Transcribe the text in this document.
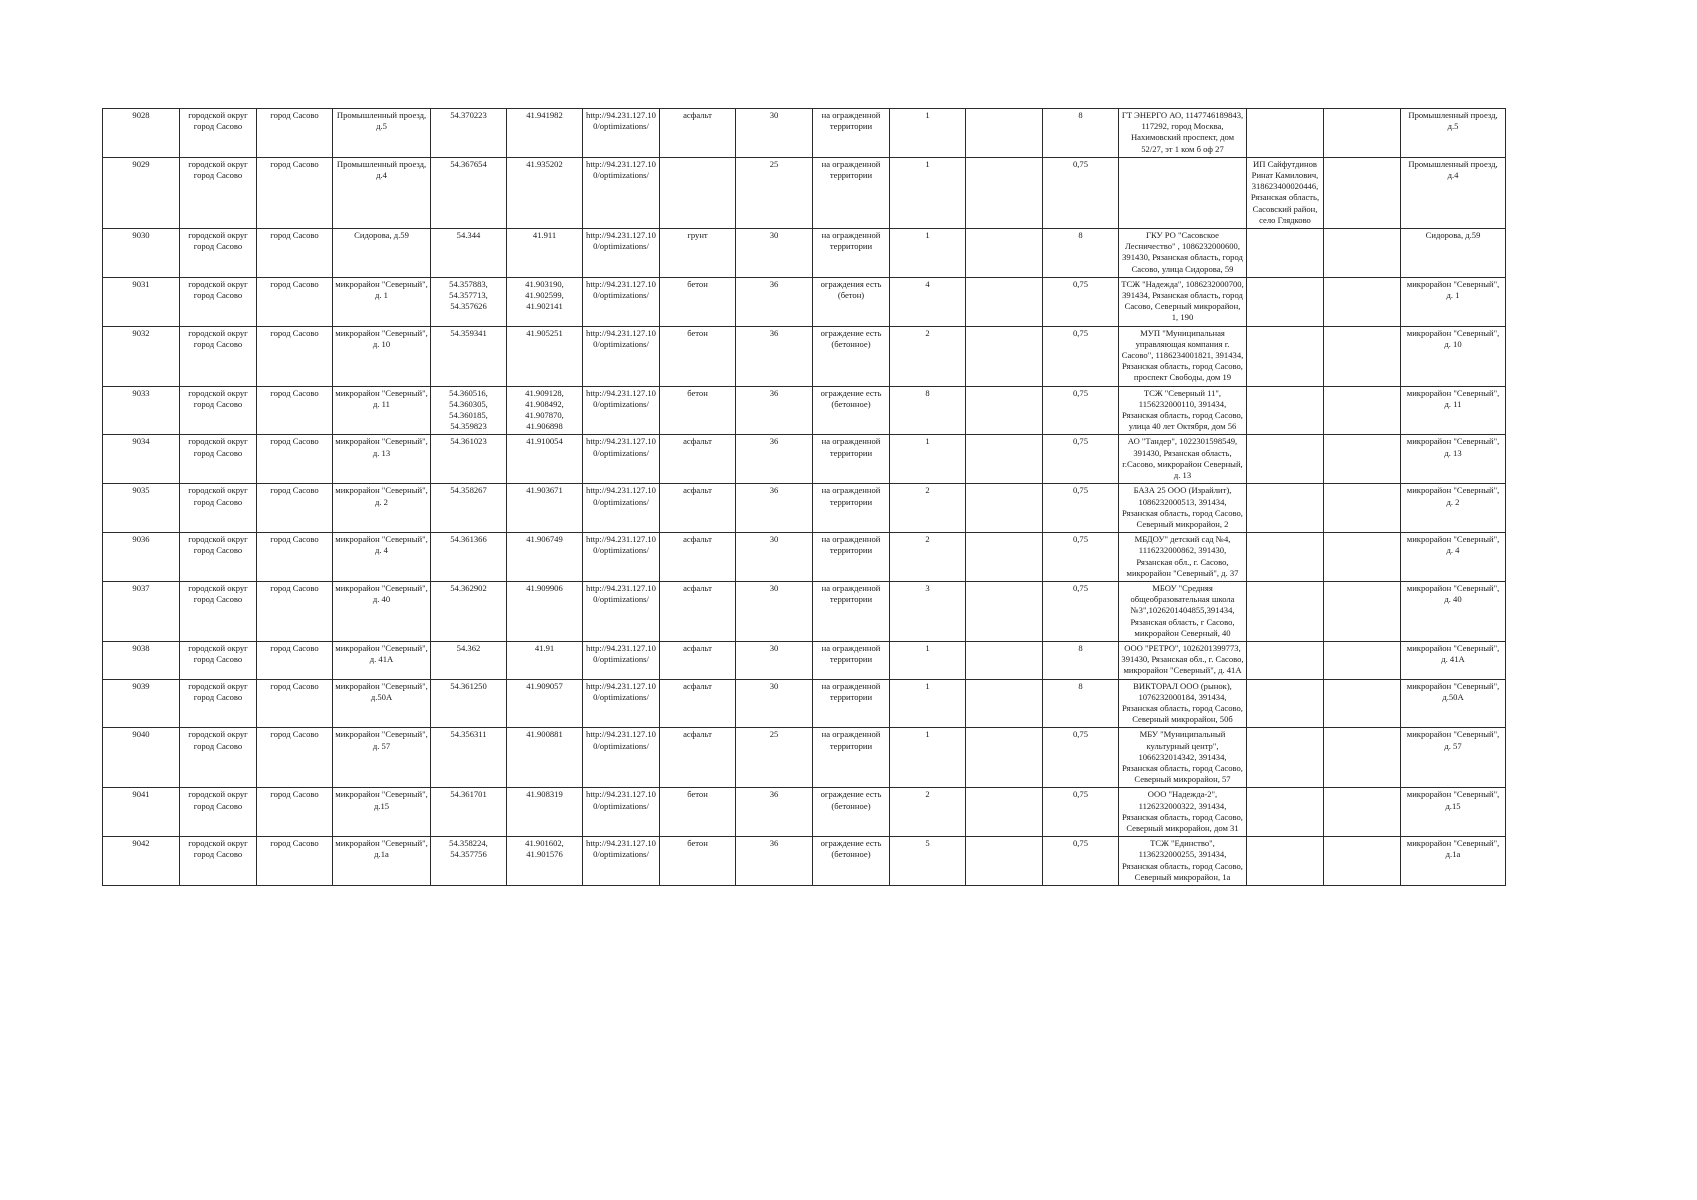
9028	городской округ город Сасово	город Сасово	Промышленный проезд, д.5	54.370223	41.941982	http://94.231.127.100/optimizations/	асфальт	30	на огражденной территории	1		8	ГТ ЭНЕРГО АО, 1147746189843, 117292, город Москва, Нахимовский проспект, дом 52/27, эт 1 ком б оф 27			Промышленный проезд, д.5
9029	городской округ город Сасово	город Сасово	Промышленный проезд, д.4	54.367654	41.935202	http://94.231.127.100/optimizations/		25	на огражденной территории	1		0,75		ИП Сайфутдинов Ринат Камилович, 318623400020446, Рязанская область, Сасовский район, село Глядково		Промышленный проезд, д.4
9030	городской округ город Сасово	город Сасово	Сидорова, д.59	54.344	41.911	http://94.231.127.100/optimizations/	грунт	30	на огражденной территории	1		8	ГКУ РО "Сасовское Лесничество" , 1086232000600, 391430, Рязанская область, город Сасово, улица Сидорова, 59			Сидорова, д.59
9031	городской округ город Сасово	город Сасово	микрорайон "Северный", д. 1	54.357883, 54.357713, 54.357626	41.903190, 41.902599, 41.902141	http://94.231.127.100/optimizations/	бетон	36	ограждения есть (бетон)	4		0,75	ТСЖ "Надежда", 1086232000700, 391434, Рязанская область, город Сасово, Северный микрорайон, 1, 190			микрорайон "Северный", д. 1
9032	городской округ город Сасово	город Сасово	микрорайон "Северный", д. 10	54.359341	41.905251	http://94.231.127.100/optimizations/	бетон	36	ограждение есть (бетонное)	2		0,75	МУП "Муниципальная управляющая компания г. Сасово", 1186234001821, 391434, Рязанская область, город Сасово, проспект Свободы, дом 19			микрорайон "Северный", д. 10
9033	городской округ город Сасово	город Сасово	микрорайон "Северный", д. 11	54.360516, 54.360305, 54.360185, 54.359823	41.909128, 41.908492, 41.907870, 41.906898	http://94.231.127.100/optimizations/	бетон	36	ограждение есть (бетонное)	8		0,75	ТСЖ "Северный 11", 1156232000110, 391434, Рязанская область, город Сасово, улица 40 лет Октября, дом 56			микрорайон "Северный", д. 11
9034	городской округ город Сасово	город Сасово	микрорайон "Северный", д. 13	54.361023	41.910054	http://94.231.127.100/optimizations/	асфальт	36	на огражденной территории	1		0,75	АО "Тандер", 1022301598549, 391430, Рязанская область, г.Сасово, микрорайон Северный, д. 13			микрорайон "Северный", д. 13
9035	городской округ город Сасово	город Сасово	микрорайон "Северный", д. 2	54.358267	41.903671	http://94.231.127.100/optimizations/	асфальт	36	на огражденной территории	2		0,75	БАЗА 25 ООО (Израйлит), 1086232000513, 391434, Рязанская область, город Сасово, Северный микрорайон, 2			микрорайон "Северный", д. 2
9036	городской округ город Сасово	город Сасово	микрорайон "Северный", д. 4	54.361366	41.906749	http://94.231.127.100/optimizations/	асфальт	30	на огражденной территории	2		0,75	МБДОУ" детский сад №4, 1116232000862, 391430, Рязанская обл., г. Сасово, микрорайон "Северный", д. 37			микрорайон "Северный", д. 4
9037	городской округ город Сасово	город Сасово	микрорайон "Северный", д. 40	54.362902	41.909906	http://94.231.127.100/optimizations/	асфальт	30	на огражденной территории	3		0,75	МБОУ "Средняя общеобразовательная школа №3",1026201404855,391434, Рязанская область, г Сасово, микрорайон Северный, 40			микрорайон "Северный", д. 40
9038	городской округ город Сасово	город Сасово	микрорайон "Северный", д. 41А	54.362	41.91	http://94.231.127.100/optimizations/	асфальт	30	на огражденной территории	1		8	ООО "РЕТРО", 1026201399773, 391430, Рязанская обл., г. Сасово, микрорайон "Северный", д. 41А			микрорайон "Северный", д. 41А
9039	городской округ город Сасово	город Сасово	микрорайон "Северный", д.50А	54.361250	41.909057	http://94.231.127.100/optimizations/	асфальт	30	на огражденной территории	1		8	ВИКТОРАЛ ООО (рынок), 1076232000184, 391434, Рязанская область, город Сасово, Северный микрорайон, 50б			микрорайон "Северный", д.50А
9040	городской округ город Сасово	город Сасово	микрорайон "Северный", д. 57	54.356311	41.900881	http://94.231.127.100/optimizations/	асфальт	25	на огражденной территории	1		0,75	МБУ "Муниципальный культурный центр", 1066232014342, 391434, Рязанская область, город Сасово, Северный микрорайон, 57			микрорайон "Северный", д. 57
9041	городской округ город Сасово	город Сасово	микрорайон "Северный", д.15	54.361701	41.908319	http://94.231.127.100/optimizations/	бетон	36	ограждение есть (бетонное)	2		0,75	ООО "Надежда-2", 1126232000322, 391434, Рязанская область, город Сасово, Северный микрорайон, дом 31			микрорайон "Северный", д.15
9042	городской округ город Сасово	город Сасово	микрорайон "Северный", д.1а	54.358224, 54.357756	41.901602, 41.901576	http://94.231.127.100/optimizations/	бетон	36	ограждение есть (бетонное)	5		0,75	ТСЖ "Единство", 1136232000255, 391434, Рязанская область, город Сасово, Северный микрорайон, 1а			микрорайон "Северный", д.1а
